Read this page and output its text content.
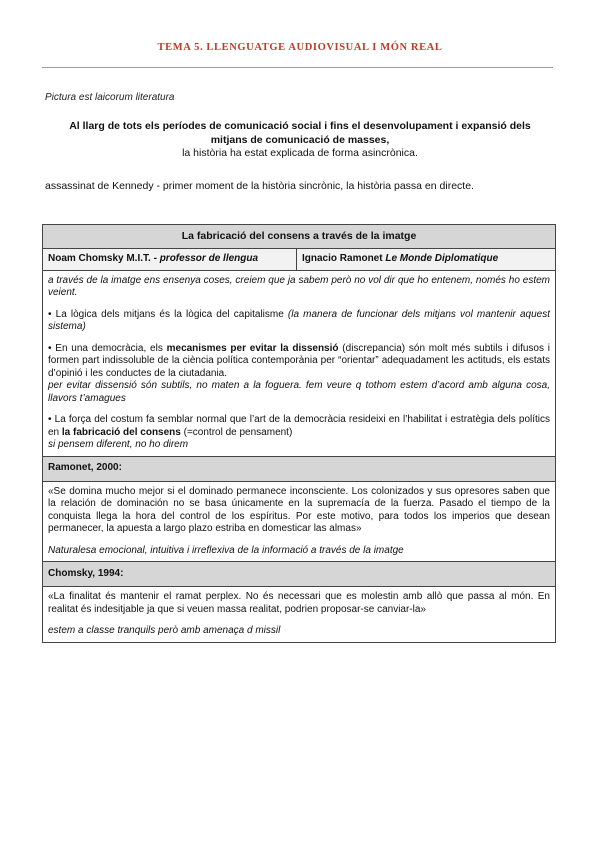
TEMA 5. LLENGUATGE AUDIOVISUAL I MÓN REAL
Pictura est laicorum literatura
Al llarg de tots els períodes de comunicació social i fins el desenvolupament i expansió dels mitjans de comunicació de masses,
la història ha estat explicada de forma asincrònica.
assassinat de Kennedy - primer moment de la història sincrònic, la història passa en directe.
La fabricació del consens a través de la imatge
Noam Chomsky M.I.T. - professor de llengua	Ignacio Ramonet Le Monde Diplomatique

a través de la imatge ens ensenya coses, creiem que ja sabem però no vol dir que ho entenem, només ho estem veient.

• La lògica dels mitjans és la lògica del capitalisme (la manera de funcionar dels mitjans vol mantenir aquest sistema)

• En una democràcia, els mecanismes per evitar la dissensió (discrepancia) són molt més subtils i difusos i formen part indissoluble de la ciència política contemporània per “orientar” adequadament les actituds, els estats d’opinió i les conductes de la ciutadania.
per evitar dissensió són subtils, no maten a la foguera. fem veure q tothom estem d’acord amb alguna cosa, llavors t’amagues

• La força del costum fa semblar normal que l’art de la democràcia resideixi en l’habilitat i estratègia dels polítics en la fabricació del consens (=control de pensament)
si pensem diferent, no ho direm

Ramonet, 2000:

«Se domina mucho mejor si el dominado permanece inconsciente. Los colonizados y sus opresores saben que la relación de dominación no se basa únicamente en la supremacía de la fuerza. Pasado el tiempo de la conquista llega la hora del control de los espíritus. Por este motivo, para todos los imperios que desean permanecer, la apuesta a largo plazo estriba en domesticar las almas»

Naturalesa emocional, intuitiva i irreflexiva de la informació a través de la imatge

Chomsky, 1994:

«La finalitat és mantenir el ramat perplex. No és necessari que es molestin amb allò que passa al món. En realitat és indesitjable ja que si veuen massa realitat, podrien proposar-se canviar-la»

estem a classe tranquils però amb amenaça d missil
